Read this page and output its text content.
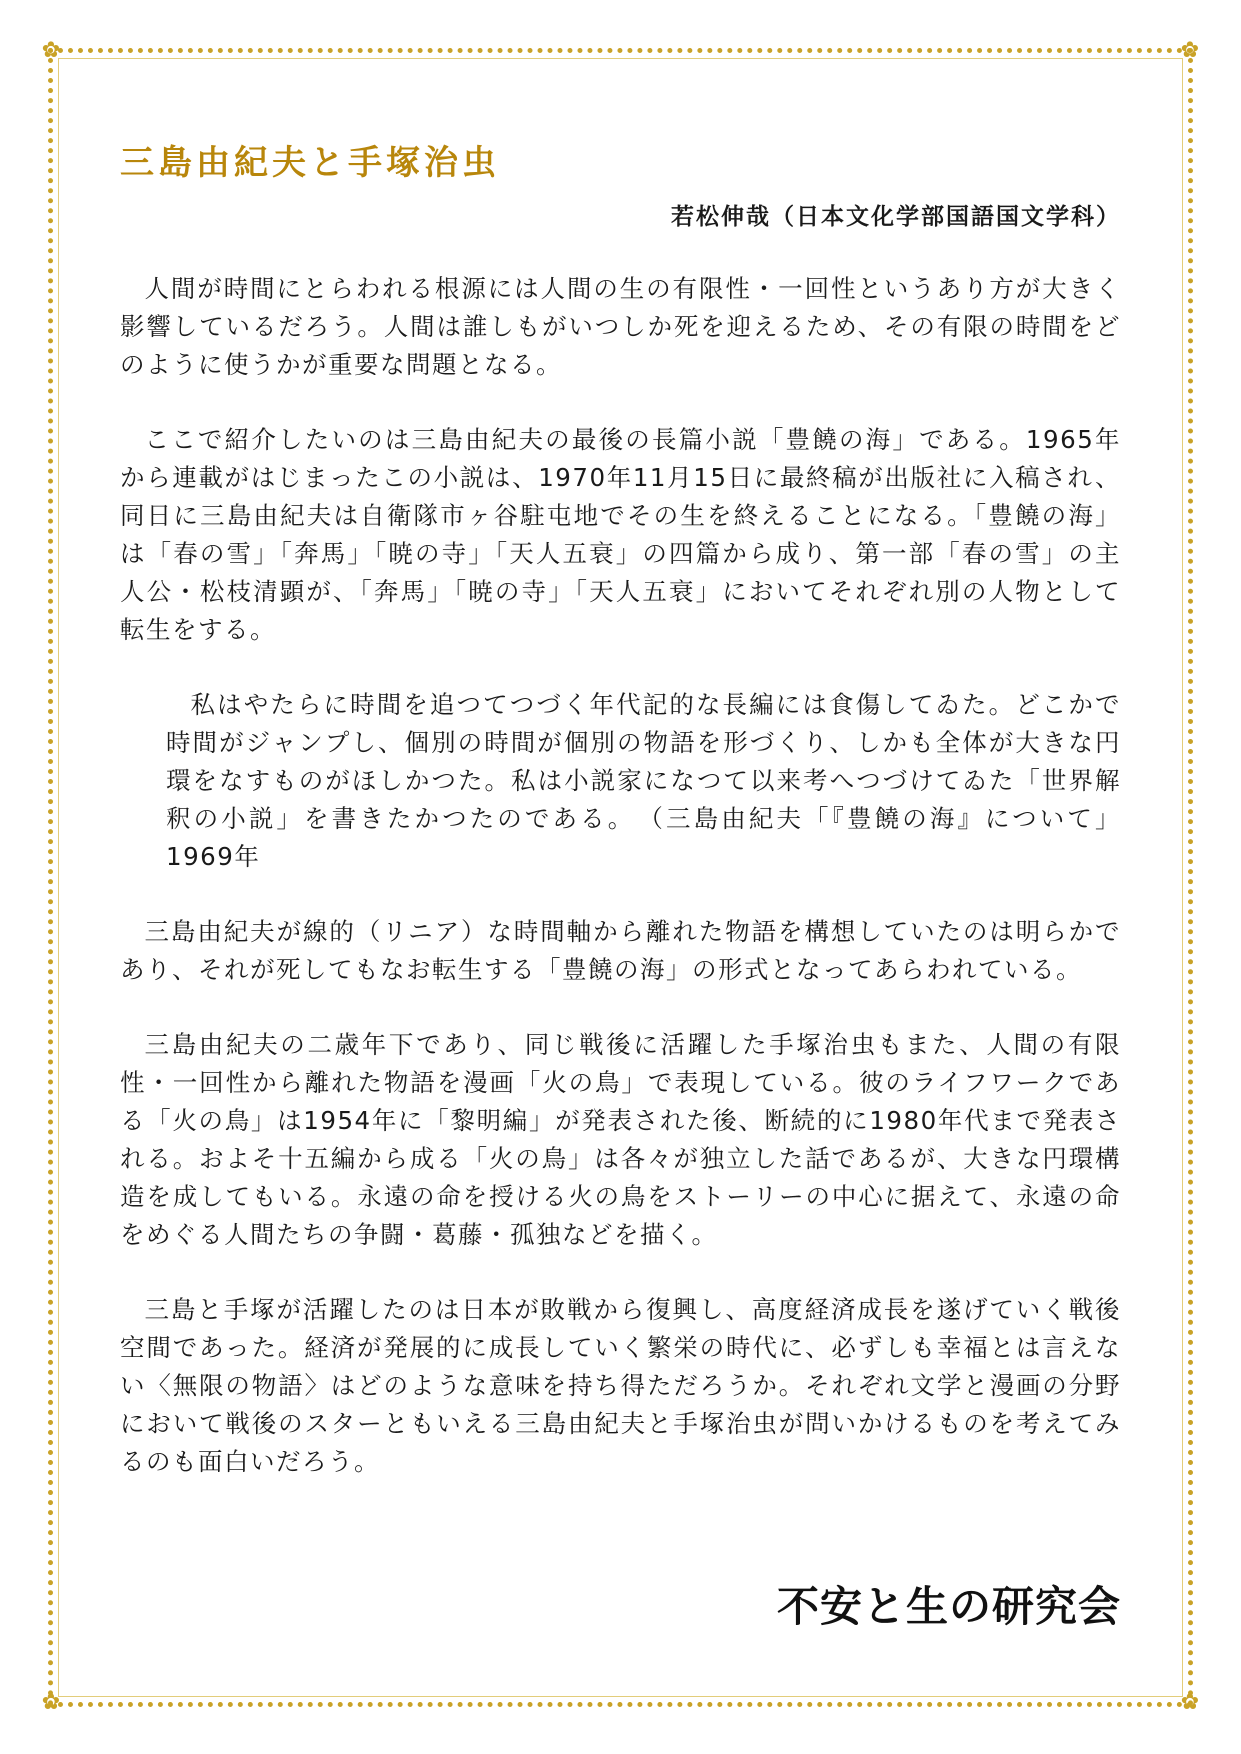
✿	✿
✿	✿
三島由紀夫と手塚治虫

若松伸哉（日本文化学部国語国文学科）

人間が時間にとらわれる根源には人間の生の有限性・一回性というあり方が大きく影響しているだろう。人間は誰しもがいつしか死を迎えるため、その有限の時間をどのように使うかが重要な問題となる。

ここで紹介したいのは三島由紀夫の最後の長篇小説「豊饒の海」である。1965年から連載がはじまったこの小説は、1970年11月15日に最終稿が出版社に入稿され、同日に三島由紀夫は自衛隊市ヶ谷駐屯地でその生を終えることになる。「豊饒の海」は「春の雪」「奔馬」「暁の寺」「天人五衰」の四篇から成り、第一部「春の雪」の主人公・松枝清顕が、「奔馬」「暁の寺」「天人五衰」においてそれぞれ別の人物として転生をする。

私はやたらに時間を追つてつづく年代記的な長編には食傷してゐた。どこかで時間がジャンプし、個別の時間が個別の物語を形づくり、しかも全体が大きな円環をなすものがほしかつた。私は小説家になつて以来考へつづけてゐた「世界解釈の小説」を書きたかつたのである。　（三島由紀夫「『豊饒の海』について」1969年

三島由紀夫が線的（リニア）な時間軸から離れた物語を構想していたのは明らかであり、それが死してもなお転生する「豊饒の海」の形式となってあらわれている。

三島由紀夫の二歳年下であり、同じ戦後に活躍した手塚治虫もまた、人間の有限性・一回性から離れた物語を漫画「火の鳥」で表現している。彼のライフワークである「火の鳥」は1954年に「黎明編」が発表された後、断続的に1980年代まで発表される。およそ十五編から成る「火の鳥」は各々が独立した話であるが、大きな円環構造を成してもいる。永遠の命を授ける火の鳥をストーリーの中心に据えて、永遠の命をめぐる人間たちの争闘・葛藤・孤独などを描く。

三島と手塚が活躍したのは日本が敗戦から復興し、高度経済成長を遂げていく戦後空間であった。経済が発展的に成長していく繁栄の時代に、必ずしも幸福とは言えない〈無限の物語〉はどのような意味を持ち得ただろうか。それぞれ文学と漫画の分野において戦後のスターともいえる三島由紀夫と手塚治虫が問いかけるものを考えてみるのも面白いだろう。

不安と生の研究会
